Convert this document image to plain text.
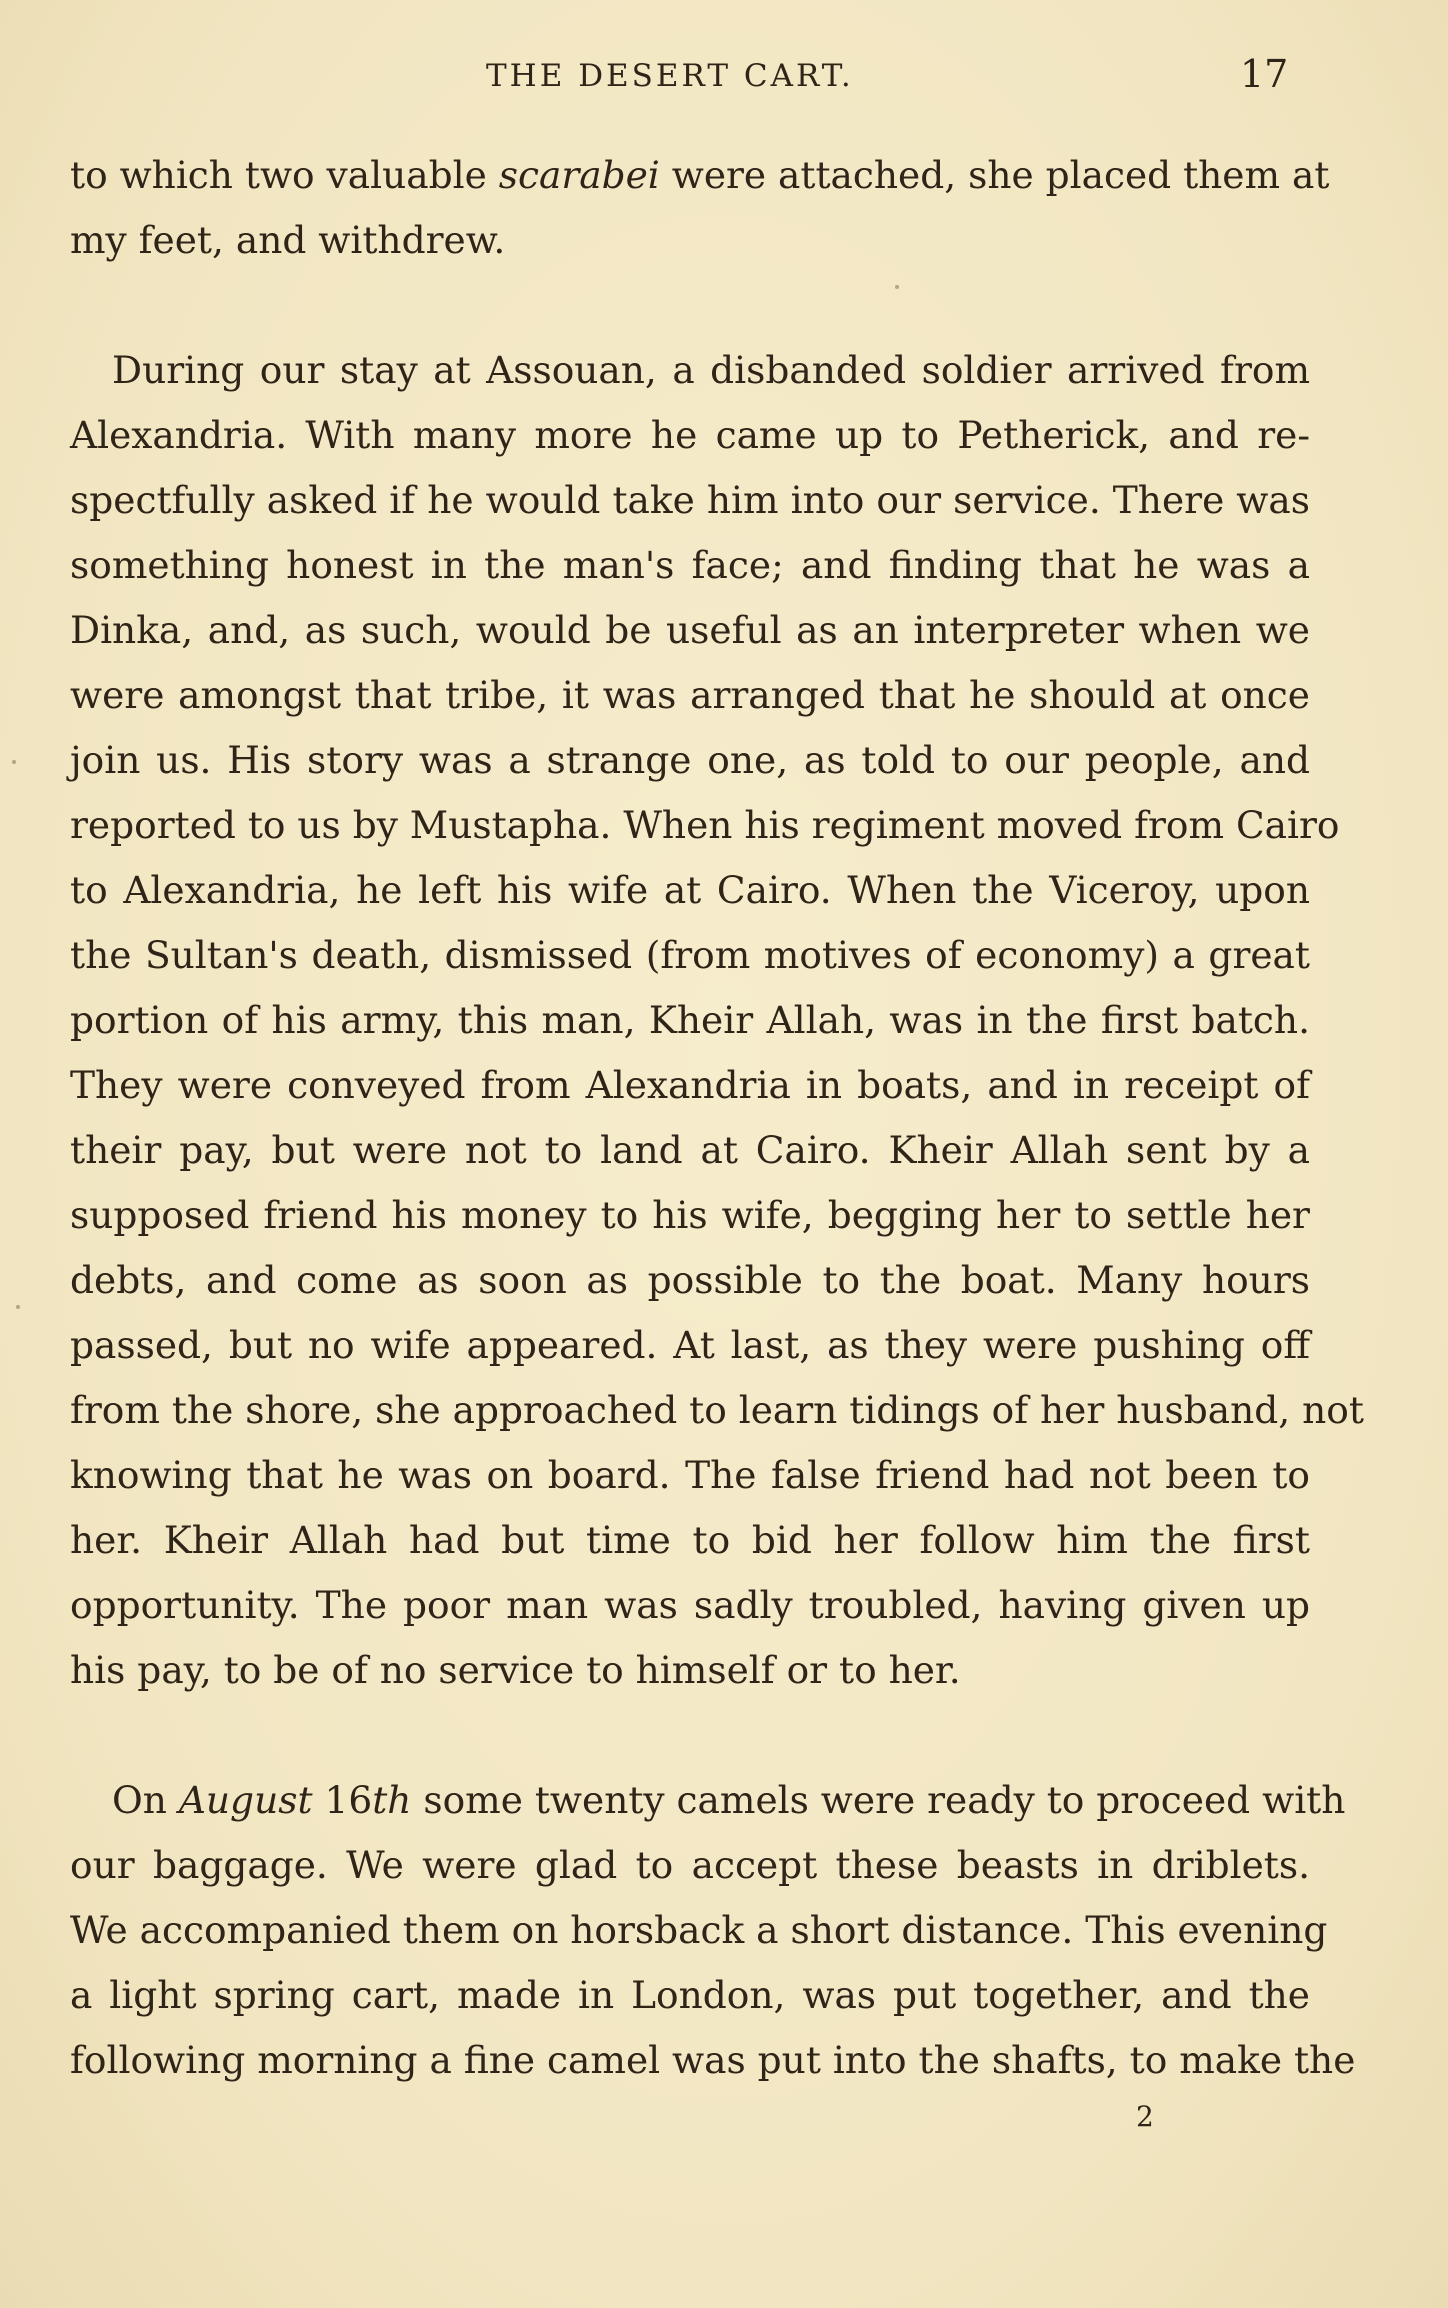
THE DESERT CART.	17
to which two valuable scarabei were attached, she placed them at
my feet, and withdrew.
During our stay at Assouan, a disbanded soldier arrived from
Alexandria. With many more he came up to Petherick, and re-
spectfully asked if he would take him into our service. There was
something honest in the man's face; and finding that he was a
Dinka, and, as such, would be useful as an interpreter when we
were amongst that tribe, it was arranged that he should at once
join us. His story was a strange one, as told to our people, and
reported to us by Mustapha. When his regiment moved from Cairo
to Alexandria, he left his wife at Cairo. When the Viceroy, upon
the Sultan's death, dismissed (from motives of economy) a great
portion of his army, this man, Kheir Allah, was in the first batch.
They were conveyed from Alexandria in boats, and in receipt of
their pay, but were not to land at Cairo. Kheir Allah sent by a
supposed friend his money to his wife, begging her to settle her
debts, and come as soon as possible to the boat. Many hours
passed, but no wife appeared. At last, as they were pushing off
from the shore, she approached to learn tidings of her husband, not
knowing that he was on board. The false friend had not been to
her. Kheir Allah had but time to bid her follow him the first
opportunity. The poor man was sadly troubled, having given up
his pay, to be of no service to himself or to her.
On August 16th some twenty camels were ready to proceed with
our baggage. We were glad to accept these beasts in driblets.
We accompanied them on horsback a short distance. This evening
a light spring cart, made in London, was put together, and the
following morning a fine camel was put into the shafts, to make the
2
